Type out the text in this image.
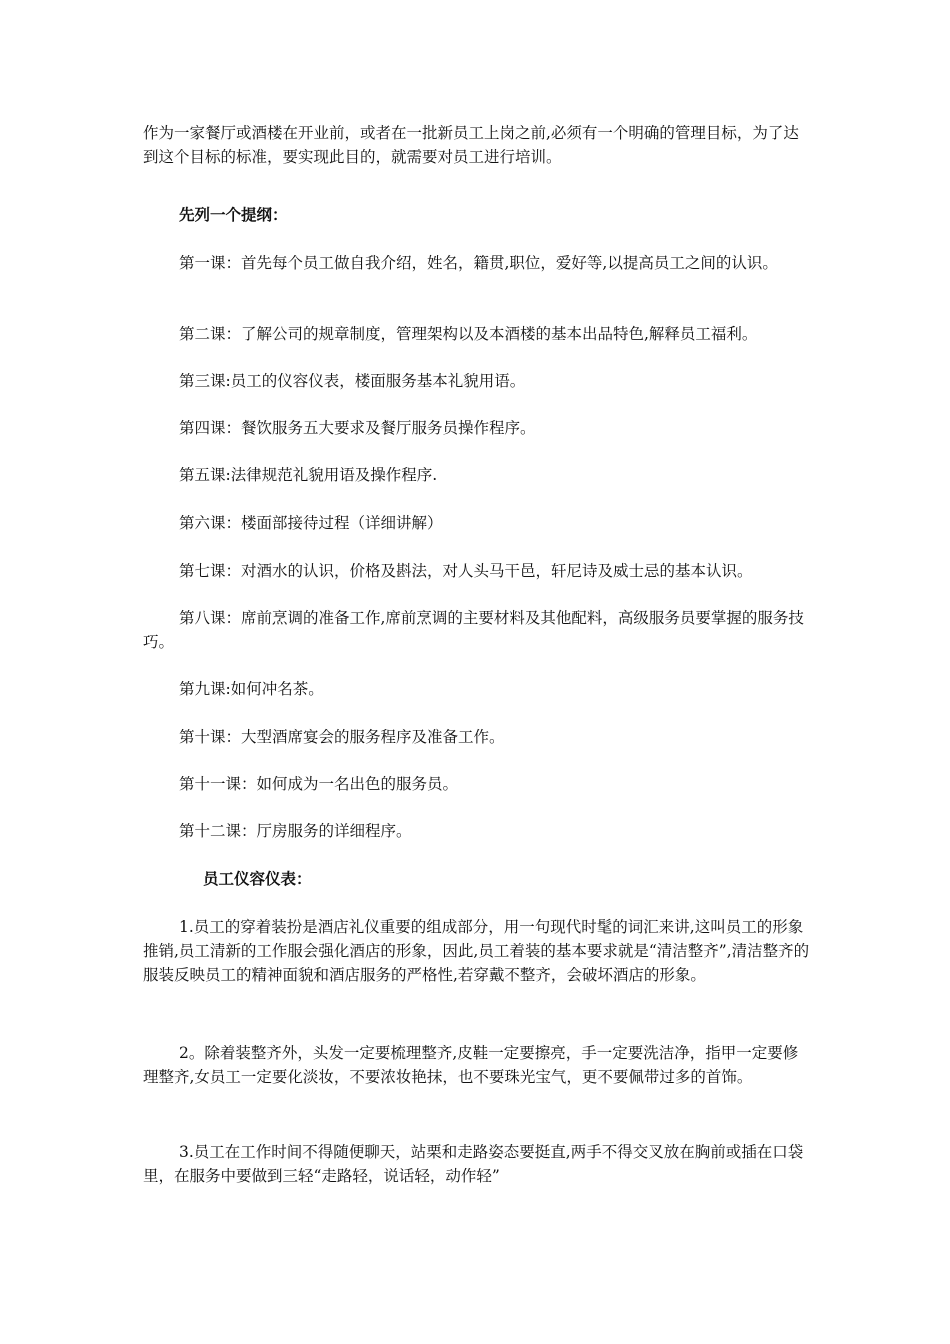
作为一家餐厅或酒楼在开业前，或者在一批新员工上岗之前,必须有一个明确的管理目标，为了达到这个目标的标准，要实现此目的，就需要对员工进行培训。

先列一个提纲：

第一课：首先每个员工做自我介绍，姓名，籍贯,职位，爱好等,以提高员工之间的认识。

第二课：了解公司的规章制度，管理架构以及本酒楼的基本出品特色,解释员工福利。

第三课:员工的仪容仪表，楼面服务基本礼貌用语。

第四课：餐饮服务五大要求及餐厅服务员操作程序。

第五课:法律规范礼貌用语及操作程序.

第六课：楼面部接待过程（详细讲解）

第七课：对酒水的认识，价格及斟法，对人头马干邑，轩尼诗及威士忌的基本认识。

第八课：席前烹调的准备工作,席前烹调的主要材料及其他配料，高级服务员要掌握的服务技巧。

第九课:如何冲名茶。

第十课：大型酒席宴会的服务程序及准备工作。

第十一课：如何成为一名出色的服务员。

第十二课：厅房服务的详细程序。

员工仪容仪表：

1.员工的穿着装扮是酒店礼仪重要的组成部分，用一句现代时髦的词汇来讲,这叫员工的形象推销,员工清新的工作服会强化酒店的形象，因此,员工着装的基本要求就是“清洁整齐”,清洁整齐的服装反映员工的精神面貌和酒店服务的严格性,若穿戴不整齐，会破坏酒店的形象。

2。除着装整齐外，头发一定要梳理整齐,皮鞋一定要擦亮，手一定要洗洁净，指甲一定要修理整齐,女员工一定要化淡妆，不要浓妆艳抹，也不要珠光宝气，更不要佩带过多的首饰。

3.员工在工作时间不得随便聊天，站栗和走路姿态要挺直,两手不得交叉放在胸前或插在口袋里，在服务中要做到三轻“走路轻，说话轻，动作轻”
